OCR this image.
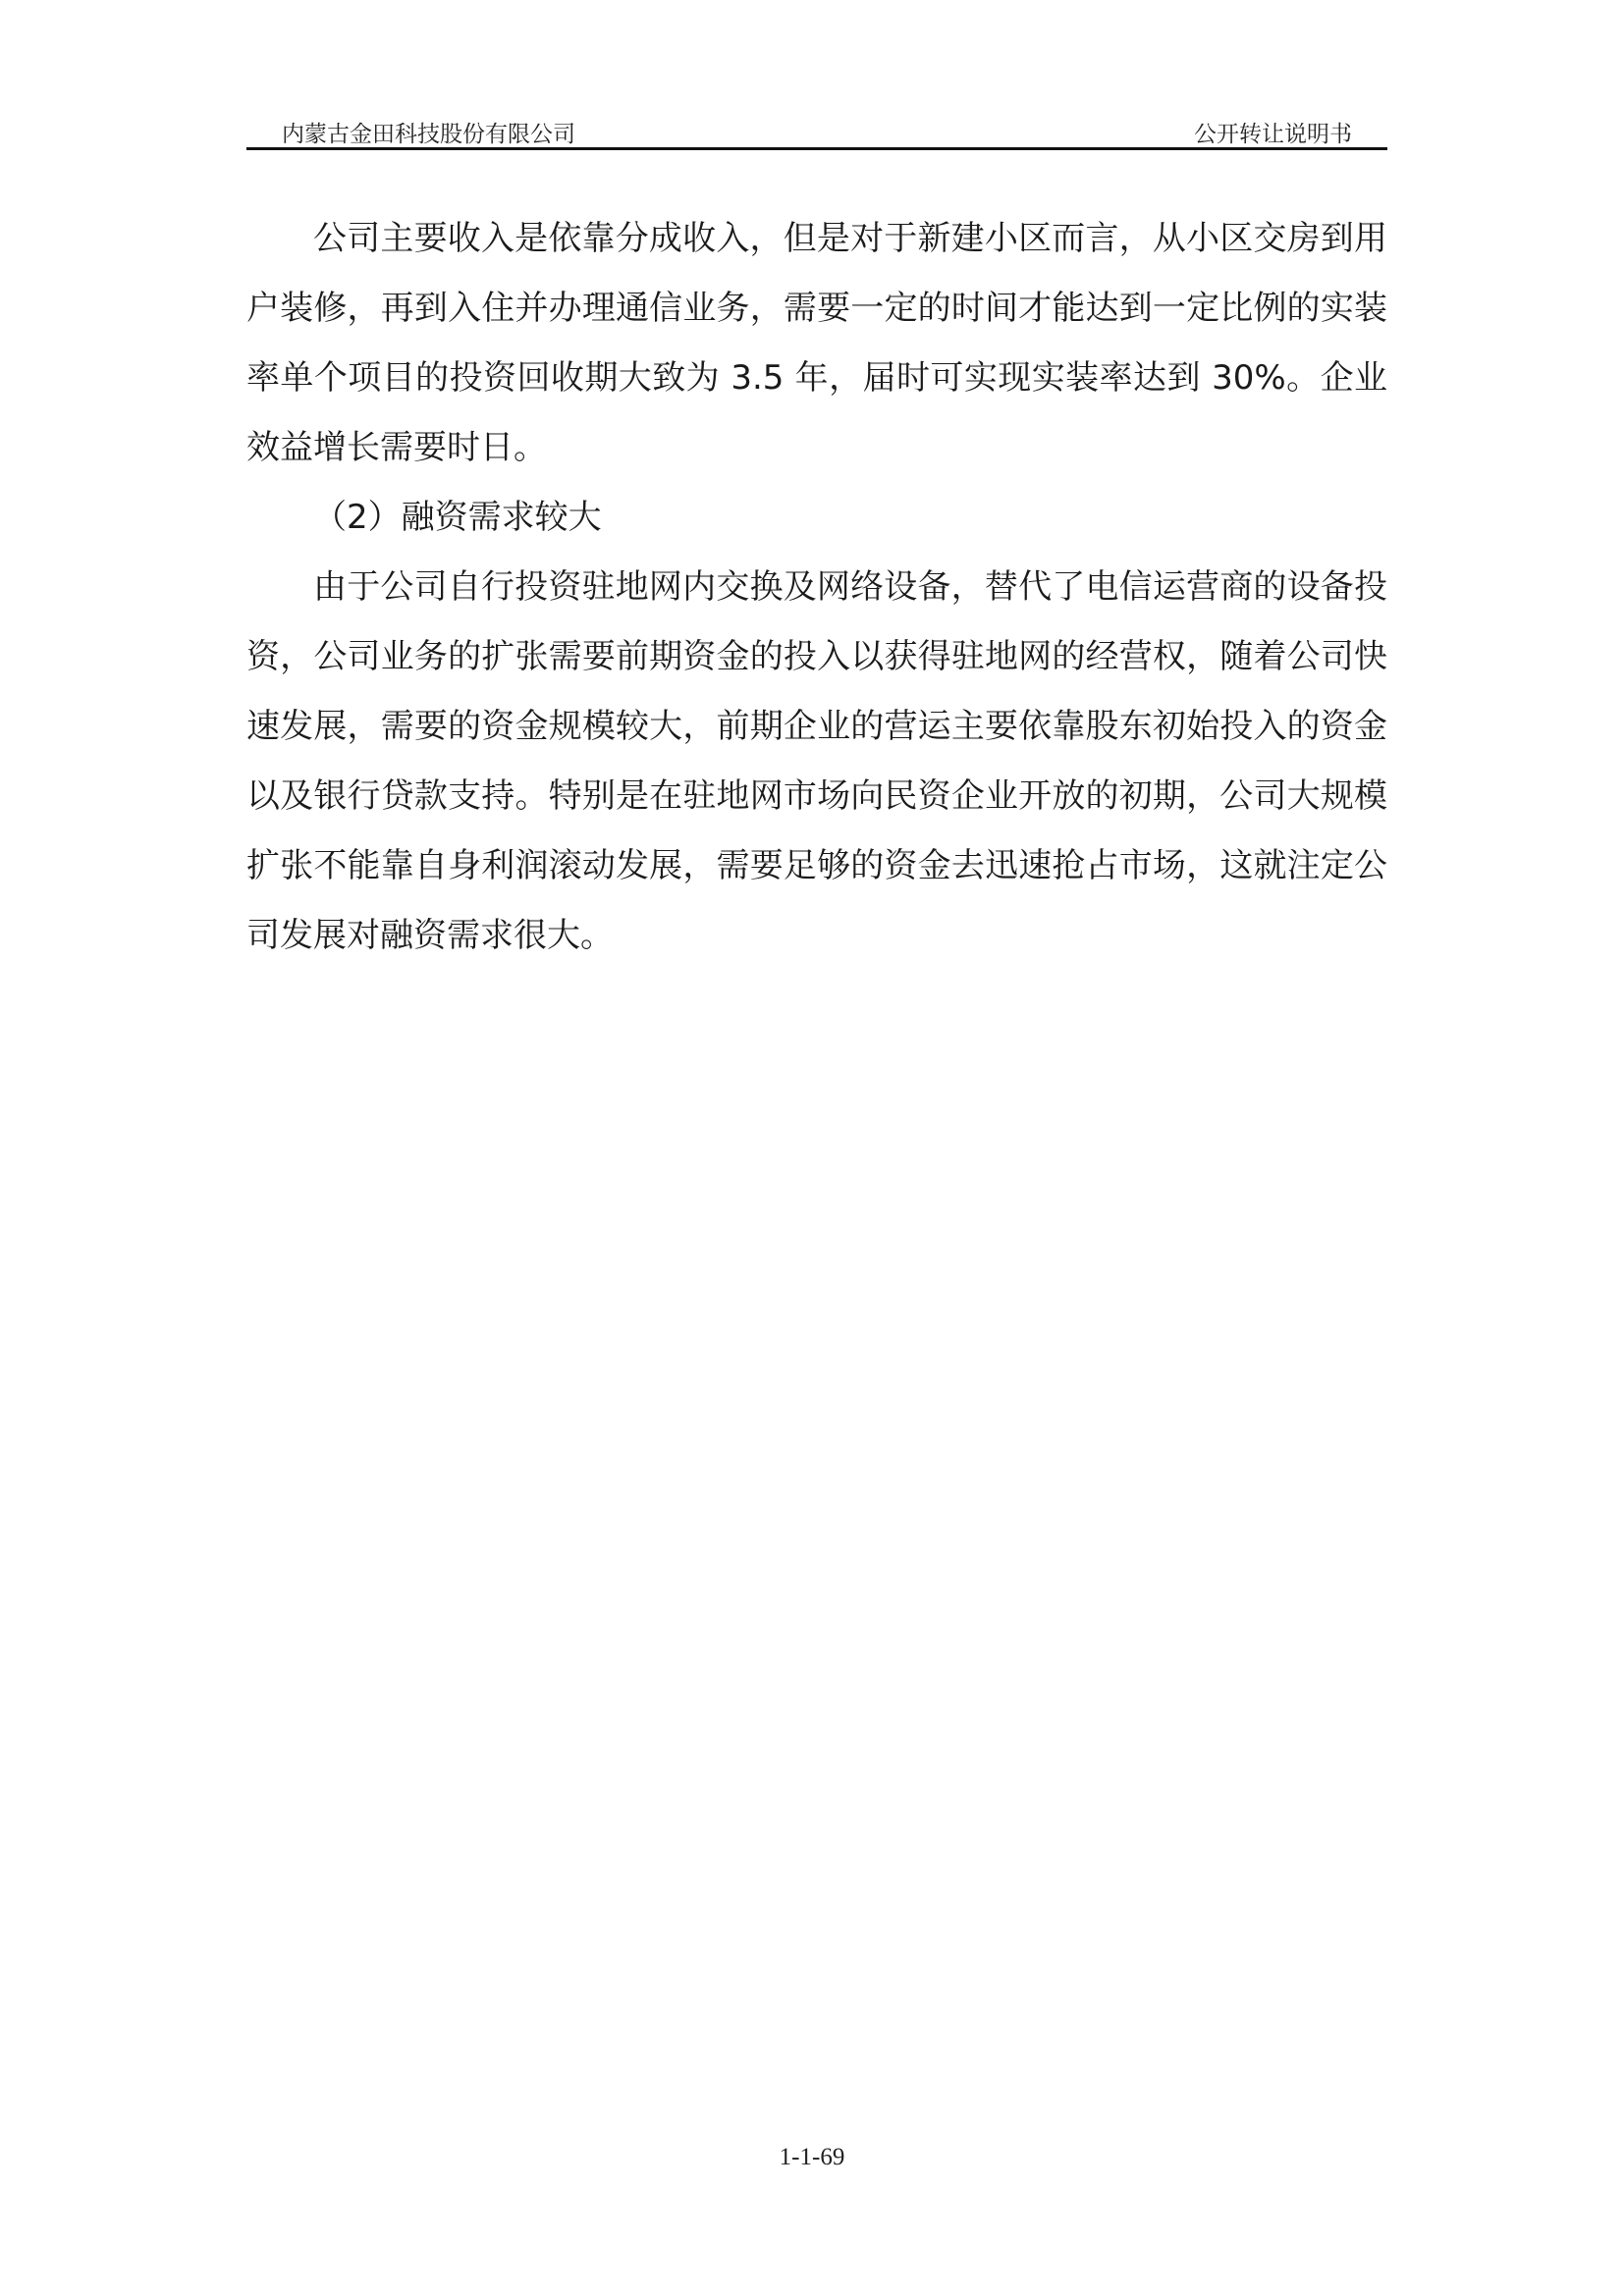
内蒙古金田科技股份有限公司	公开转让说明书

公司主要收入是依靠分成收入，但是对于新建小区而言，从小区交房到用户装修，再到入住并办理通信业务，需要一定的时间才能达到一定比例的实装率单个项目的投资回收期大致为 3.5 年，届时可实现实装率达到 30%。企业效益增长需要时日。

（2）融资需求较大

由于公司自行投资驻地网内交换及网络设备，替代了电信运营商的设备投资，公司业务的扩张需要前期资金的投入以获得驻地网的经营权，随着公司快速发展，需要的资金规模较大，前期企业的营运主要依靠股东初始投入的资金以及银行贷款支持。特别是在驻地网市场向民资企业开放的初期，公司大规模扩张不能靠自身利润滚动发展，需要足够的资金去迅速抢占市场，这就注定公司发展对融资需求很大。

1-1-69
